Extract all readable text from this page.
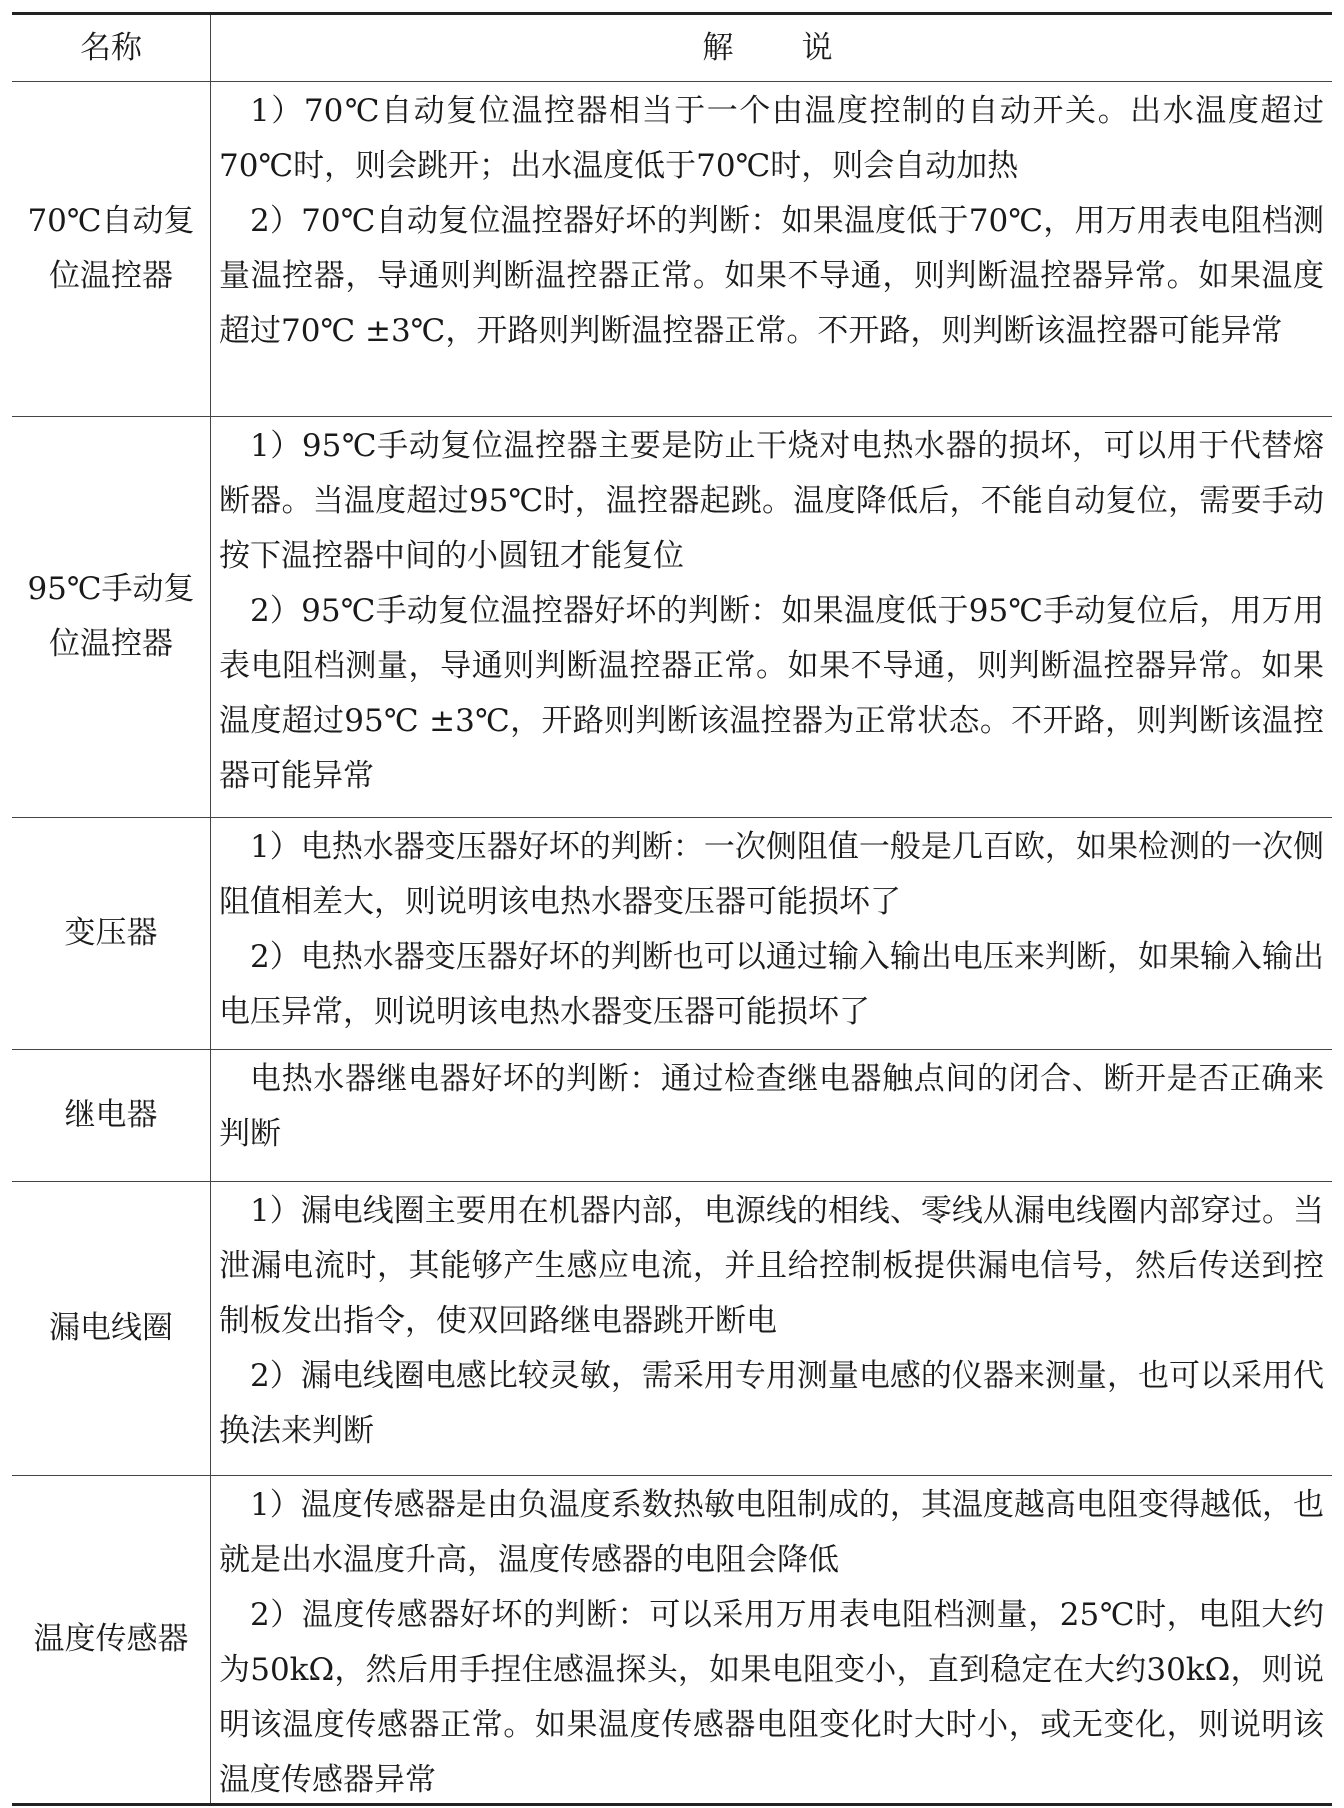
名称	解说
70℃自动复位温控器

1）70℃自动复位温控器相当于一个由温度控制的自动开关。出水温度超过70℃时，则会跳开；出水温度低于70℃时，则会自动加热

2）70℃自动复位温控器好坏的判断：如果温度低于70℃，用万用表电阻档测量温控器，导通则判断温控器正常。如果不导通，则判断温控器异常。如果温度超过70℃ ±3℃，开路则判断温控器正常。不开路，则判断该温控器可能异常

95℃手动复位温控器

1）95℃手动复位温控器主要是防止干烧对电热水器的损坏，可以用于代替熔断器。当温度超过95℃时，温控器起跳。温度降低后，不能自动复位，需要手动按下温控器中间的小圆钮才能复位

2）95℃手动复位温控器好坏的判断：如果温度低于95℃手动复位后，用万用表电阻档测量，导通则判断温控器正常。如果不导通，则判断温控器异常。如果温度超过95℃ ±3℃，开路则判断该温控器为正常状态。不开路，则判断该温控器可能异常

变压器

1）电热水器变压器好坏的判断：一次侧阻值一般是几百欧，如果检测的一次侧阻值相差大，则说明该电热水器变压器可能损坏了

2）电热水器变压器好坏的判断也可以通过输入输出电压来判断，如果输入输出电压异常，则说明该电热水器变压器可能损坏了

继电器

电热水器继电器好坏的判断：通过检查继电器触点间的闭合、断开是否正确来判断

漏电线圈

1）漏电线圈主要用在机器内部，电源线的相线、零线从漏电线圈内部穿过。当泄漏电流时，其能够产生感应电流，并且给控制板提供漏电信号，然后传送到控制板发出指令，使双回路继电器跳开断电

2）漏电线圈电感比较灵敏，需采用专用测量电感的仪器来测量，也可以采用代换法来判断

温度传感器

1）温度传感器是由负温度系数热敏电阻制成的，其温度越高电阻变得越低，也就是出水温度升高，温度传感器的电阻会降低

2）温度传感器好坏的判断：可以采用万用表电阻档测量，25℃时，电阻大约为50kΩ，然后用手捏住感温探头，如果电阻变小，直到稳定在大约30kΩ，则说明该温度传感器正常。如果温度传感器电阻变化时大时小，或无变化，则说明该温度传感器异常
